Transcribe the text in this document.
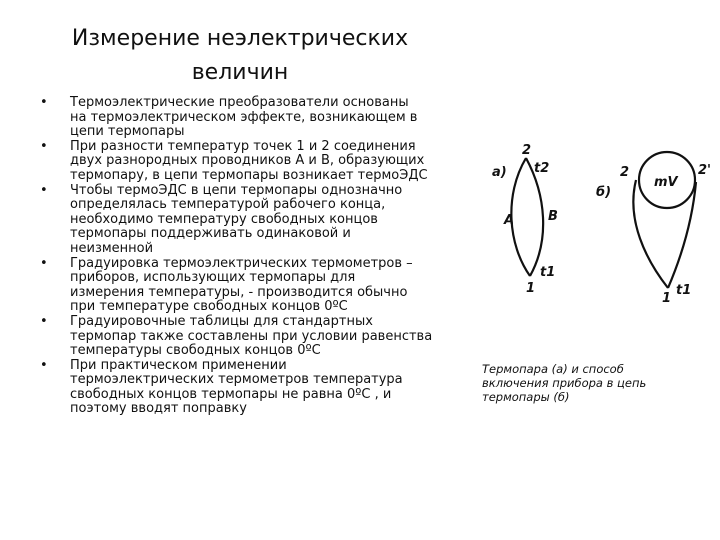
Измерение неэлектрических
величин
•	Термоэлектрические преобразователи основаны
на термоэлектрическом эффекте, возникающем в
цепи термопары
•	При разности температур точек 1 и 2 соединения
двух разнородных проводников А и В, образующих
термопару, в цепи термопары возникает термоЭДС
•	Чтобы термоЭДС в цепи термопары однозначно
определялась температурой рабочего конца,
необходимо температуру свободных концов
термопары поддерживать одинаковой и
неизменной
•	Градуировка термоэлектрических термометров –
приборов, использующих термопары для
измерения температуры, - производится обычно
при температуре свободных концов 0ºС
•	Градуировочные таблицы для стандартных
термопар также составлены при условии равенства
температуры свободных концов 0ºС
•	При практическом применении
термоэлектрических термометров температура
свободных концов термопары не равна 0ºС , и
поэтому вводят поправку
а)
2
t2
А	В
t1
1
б)
2	2'
mV
t1
1
Термопара (а) и способ
включения прибора в цепь
термопары (б)
